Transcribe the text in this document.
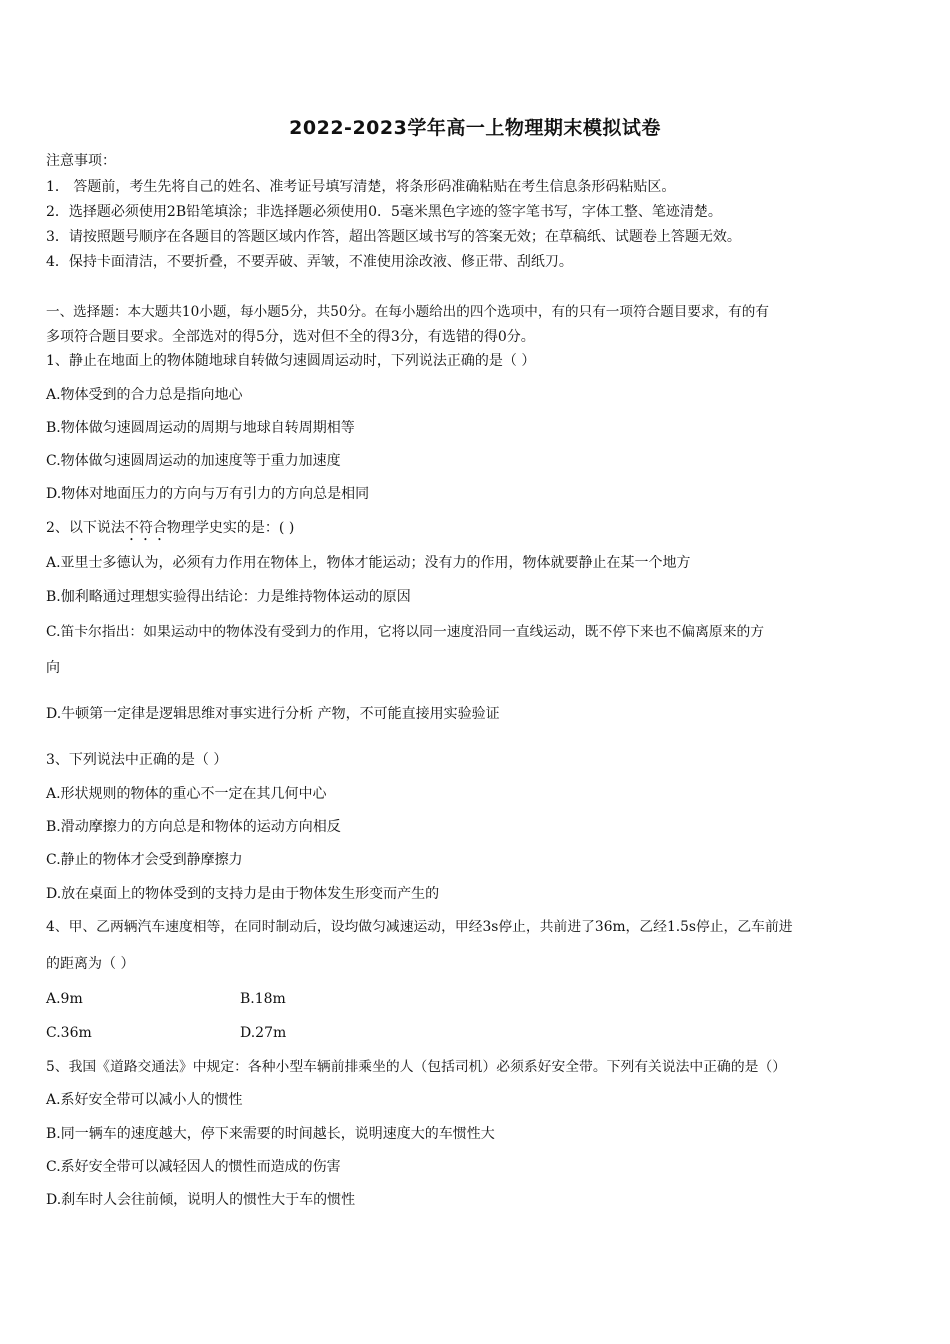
2022-2023学年高一上物理期末模拟试卷
注意事项：
1． 答题前，考生先将自己的姓名、准考证号填写清楚，将条形码准确粘贴在考生信息条形码粘贴区。
2．选择题必须使用2B铅笔填涂；非选择题必须使用0．5毫米黑色字迹的签字笔书写，字体工整、笔迹清楚。
3．请按照题号顺序在各题目的答题区域内作答，超出答题区域书写的答案无效；在草稿纸、试题卷上答题无效。
4．保持卡面清洁，不要折叠，不要弄破、弄皱，不准使用涂改液、修正带、刮纸刀。
一、选择题：本大题共10小题，每小题5分，共50分。在每小题给出的四个选项中，有的只有一项符合题目要求，有的有
多项符合题目要求。全部选对的得5分，选对但不全的得3分，有选错的得0分。
1、静止在地面上的物体随地球自转做匀速圆周运动时，下列说法正确的是（ ）
A.物体受到的合力总是指向地心
B.物体做匀速圆周运动的周期与地球自转周期相等
C.物体做匀速圆周运动的加速度等于重力加速度
D.物体对地面压力的方向与万有引力的方向总是相同
2、以下说法不符合物理学史实的是：( )
A.亚里士多德认为，必须有力作用在物体上，物体才能运动；没有力的作用，物体就要静止在某一个地方
B.伽利略通过理想实验得出结论：力是维持物体运动的原因
C.笛卡尔指出：如果运动中的物体没有受到力的作用，它将以同一速度沿同一直线运动，既不停下来也不偏离原来的方
向
D.牛顿第一定律是逻辑思维对事实进行分析 产物，不可能直接用实验验证
3、下列说法中正确的是（ ）
A.形状规则的物体的重心不一定在其几何中心
B.滑动摩擦力的方向总是和物体的运动方向相反
C.静止的物体才会受到静摩擦力
D.放在桌面上的物体受到的支持力是由于物体发生形变而产生的
4、甲、乙两辆汽车速度相等，在同时制动后，设均做匀减速运动，甲经3s停止，共前进了36m，乙经1.5s停止，乙车前进
的距离为（ ）
A.9m	B.18m
C.36m	D.27m
5、我国《道路交通法》中规定：各种小型车辆前排乘坐的人（包括司机）必须系好安全带。下列有关说法中正确的是（）
A.系好安全带可以减小人的惯性
B.同一辆车的速度越大，停下来需要的时间越长，说明速度大的车惯性大
C.系好安全带可以减轻因人的惯性而造成的伤害
D.刹车时人会往前倾，说明人的惯性大于车的惯性
